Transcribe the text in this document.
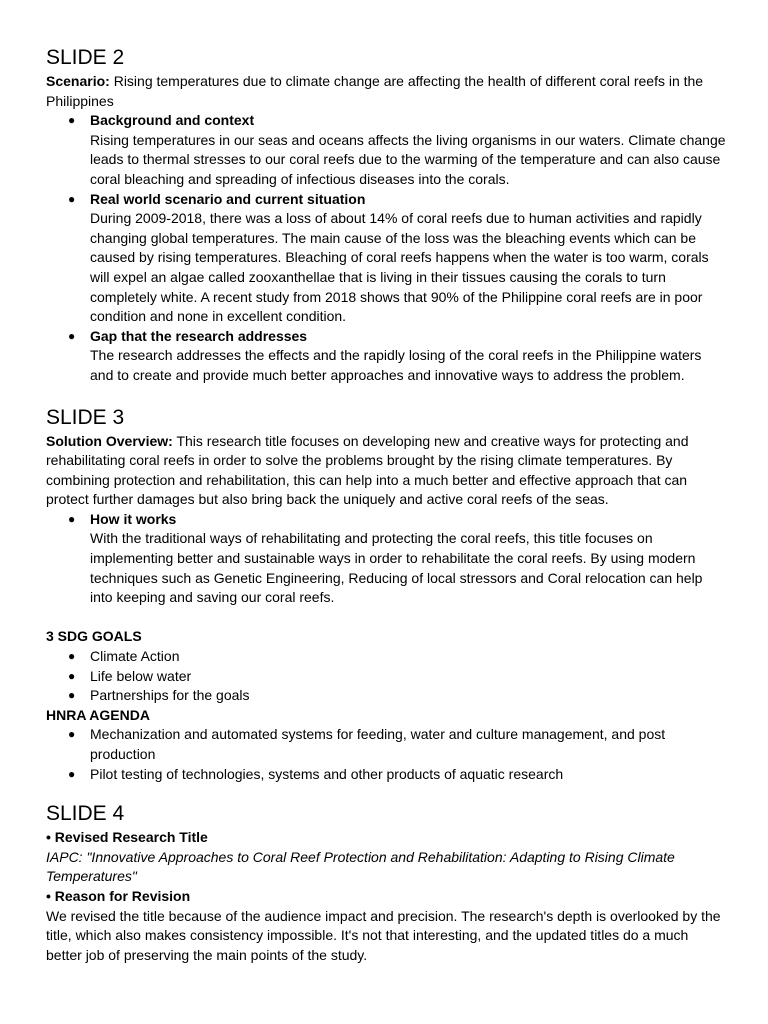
SLIDE 2

Scenario: Rising temperatures due to climate change are affecting the health of different coral reefs in the Philippines

● Background and context
Rising temperatures in our seas and oceans affects the living organisms in our waters. Climate change leads to thermal stresses to our coral reefs due to the warming of the temperature and can also cause coral bleaching and spreading of infectious diseases into the corals.
● Real world scenario and current situation
During 2009-2018, there was a loss of about 14% of coral reefs due to human activities and rapidly changing global temperatures. The main cause of the loss was the bleaching events which can be caused by rising temperatures. Bleaching of coral reefs happens when the water is too warm, corals will expel an algae called zooxanthellae that is living in their tissues causing the corals to turn completely white. A recent study from 2018 shows that 90% of the Philippine coral reefs are in poor condition and none in excellent condition.
● Gap that the research addresses
The research addresses the effects and the rapidly losing of the coral reefs in the Philippine waters and to create and provide much better approaches and innovative ways to address the problem.
SLIDE 3

Solution Overview: This research title focuses on developing new and creative ways for protecting and rehabilitating coral reefs in order to solve the problems brought by the rising climate temperatures. By combining protection and rehabilitation, this can help into a much better and effective approach that can protect further damages but also bring back the uniquely and active coral reefs of the seas.

● How it works
With the traditional ways of rehabilitating and protecting the coral reefs, this title focuses on implementing better and sustainable ways in order to rehabilitate the coral reefs. By using modern techniques such as Genetic Engineering, Reducing of local stressors and Coral relocation can help into keeping and saving our coral reefs.

3 SDG GOALS

● Climate Action
● Life below water
● Partnerships for the goals

HNRA AGENDA

● Mechanization and automated systems for feeding, water and culture management, and post production
● Pilot testing of technologies, systems and other products of aquatic research
SLIDE 4

• Revised Research Title

IAPC: "Innovative Approaches to Coral Reef Protection and Rehabilitation: Adapting to Rising Climate Temperatures"

• Reason for Revision

We revised the title because of the audience impact and precision. The research's depth is overlooked by the title, which also makes consistency impossible. It's not that interesting, and the updated titles do a much better job of preserving the main points of the study.
